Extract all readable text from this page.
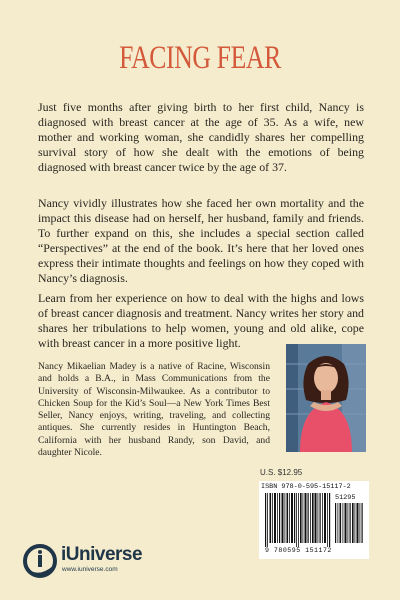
FACING FEAR

Just five months after giving birth to her first child, Nancy is diagnosed with breast cancer at the age of 35. As a wife, new mother and working woman, she candidly shares her compelling survival story of how she dealt with the emotions of being diagnosed with breast cancer twice by the age of 37.

Nancy vividly illustrates how she faced her own mortality and the impact this disease had on herself, her husband, family and friends. To further expand on this, she includes a special section called “Perspectives” at the end of the book. It’s here that her loved ones express their intimate thoughts and feelings on how they coped with Nancy’s diagnosis.

Learn from her experience on how to deal with the highs and lows of breast cancer diagnosis and treatment. Nancy writes her story and shares her tribulations to help women, young and old alike, cope with breast cancer in a more positive light.

Nancy Mikaelian Madey is a native of Racine, Wisconsin and holds a B.A., in Mass Communications from the University of Wisconsin-Milwaukee. As a contributor to Chicken Soup for the Kid’s Soul—a New York Times Best Seller, Nancy enjoys, writing, traveling, and collecting antiques. She currently resides in Huntington Beach, California with her husband Randy, son David, and daughter Nicole.

U.S. $12.95
ISBN 978-0-595-15117-2
51295
9 780595 151172
iUniverse
www.iuniverse.com
